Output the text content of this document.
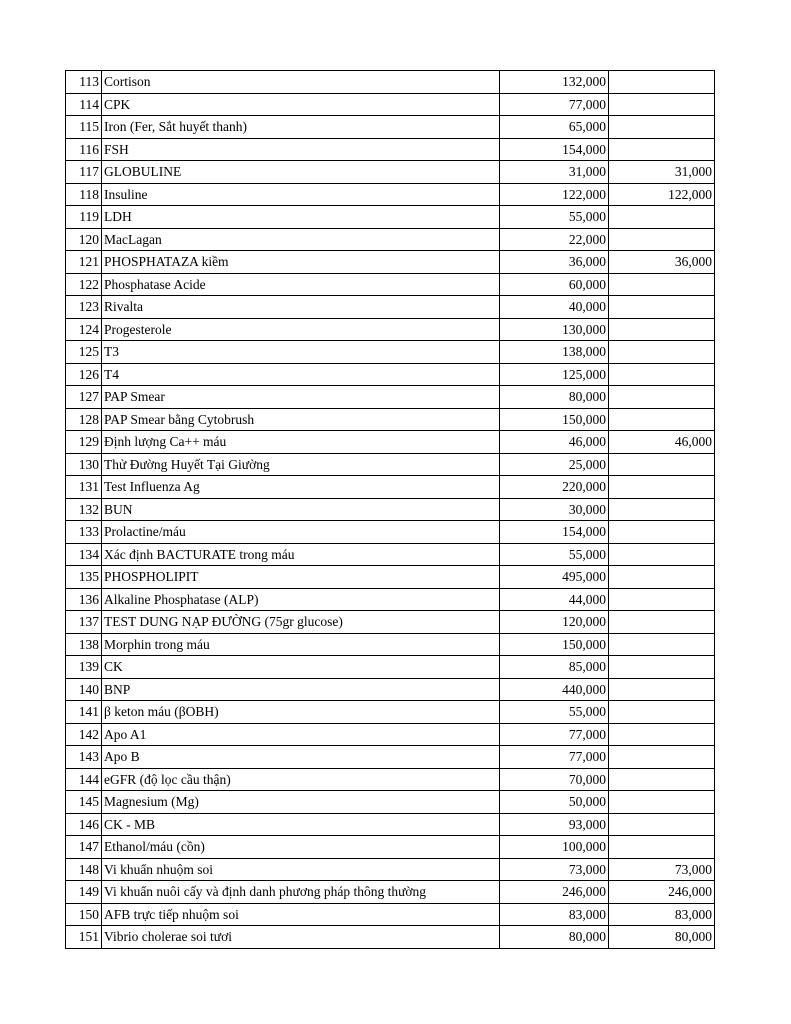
113	Cortison	132,000	
114	CPK	77,000	
115	Iron (Fer, Sắt huyết thanh)	65,000	
116	FSH	154,000	
117	GLOBULINE	31,000	31,000
118	Insuline	122,000	122,000
119	LDH	55,000	
120	MacLagan	22,000	
121	PHOSPHATAZA kiềm	36,000	36,000
122	Phosphatase Acide	60,000	
123	Rivalta	40,000	
124	Progesterole	130,000	
125	T3	138,000	
126	T4	125,000	
127	PAP Smear	80,000	
128	PAP Smear bằng Cytobrush	150,000	
129	Định lượng Ca++ máu	46,000	46,000
130	Thử Đường Huyết Tại Giường	25,000	
131	Test Influenza Ag	220,000	
132	BUN	30,000	
133	Prolactine/máu	154,000	
134	Xác định BACTURATE trong máu	55,000	
135	PHOSPHOLIPIT	495,000	
136	Alkaline Phosphatase (ALP)	44,000	
137	TEST DUNG NẠP ĐƯỜNG (75gr glucose)	120,000	
138	Morphin trong máu	150,000	
139	CK	85,000	
140	BNP	440,000	
141	β keton máu (βOBH)	55,000	
142	Apo A1	77,000	
143	Apo B	77,000	
144	eGFR (độ lọc cầu thận)	70,000	
145	Magnesium (Mg)	50,000	
146	CK - MB	93,000	
147	Ethanol/máu (cồn)	100,000	
148	Vi khuẩn nhuộm soi	73,000	73,000
149	Vi khuẩn nuôi cấy và định danh phương pháp thông thường	246,000	246,000
150	AFB trực tiếp nhuộm soi	83,000	83,000
151	Vibrio cholerae soi tươi	80,000	80,000
